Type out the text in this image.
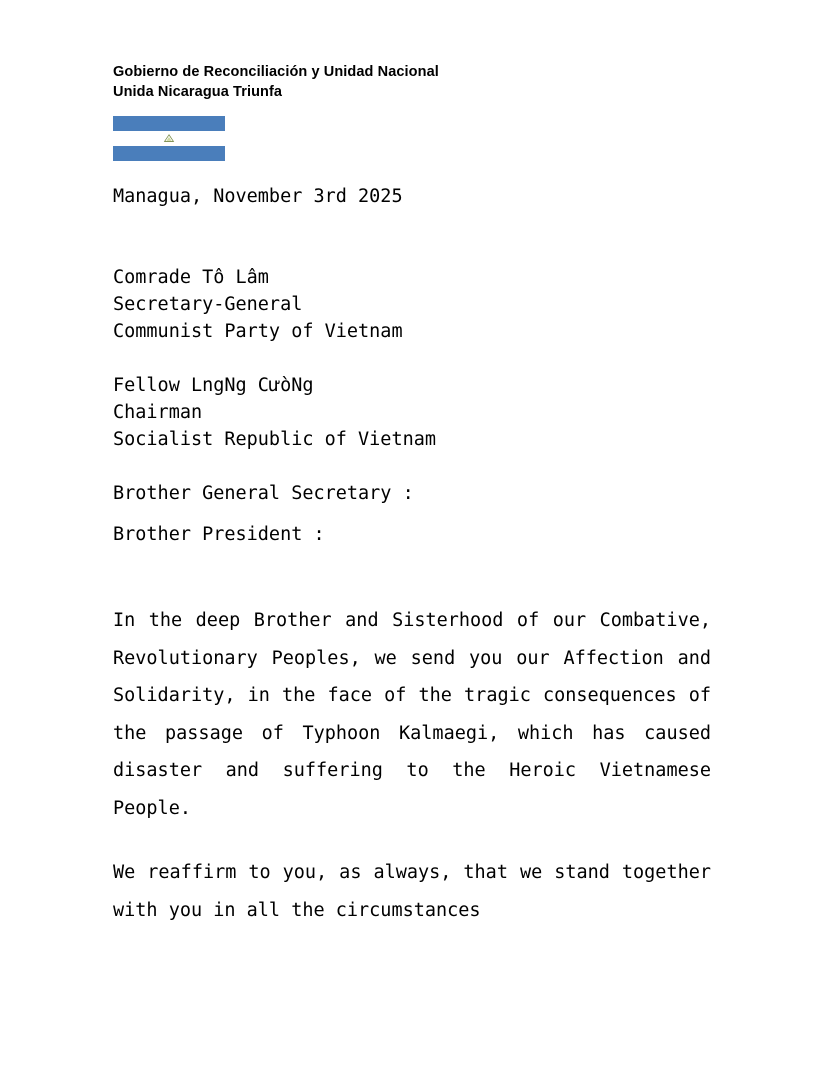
Gobierno de Reconciliación y Unidad Nacional
Unida Nicaragua Triunfa
Managua, November 3rd 2025
Comrade Tô Lâm
Secretary-General
Communist Party of Vietnam
Fellow LngNg CưòNg
Chairman
Socialist Republic of Vietnam
Brother General Secretary :
Brother President :
In the deep Brother and Sisterhood of our Combative, Revolutionary Peoples, we send you our Affection and Solidarity, in the face of the tragic consequences of the passage of Typhoon Kalmaegi, which has caused disaster and suffering to the Heroic Vietnamese People.
We reaffirm to you, as always, that we stand together with you in all the circumstances
